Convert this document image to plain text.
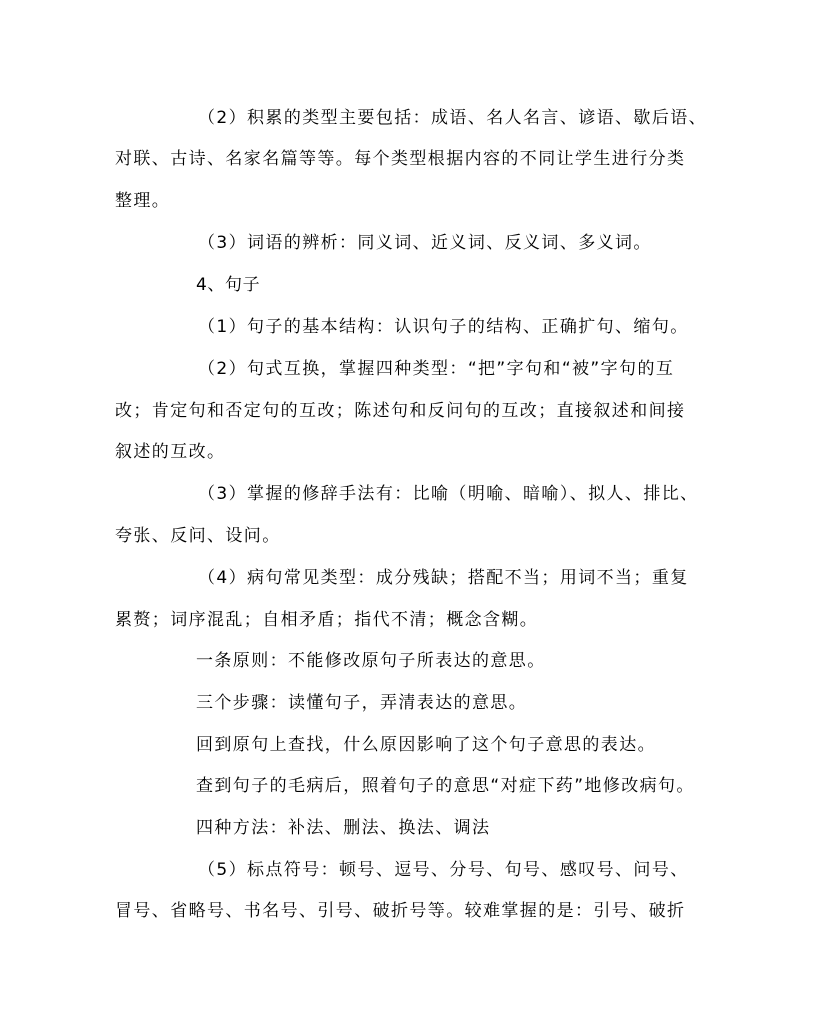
（2）积累的类型主要包括：成语、名人名言、谚语、歇后语、

对联、古诗、名家名篇等等。每个类型根据内容的不同让学生进行分类

整理。

（3）词语的辨析：同义词、近义词、反义词、多义词。

4、句子

（1）句子的基本结构：认识句子的结构、正确扩句、缩句。

（2）句式互换，掌握四种类型：“把”字句和“被”字句的互

改；肯定句和否定句的互改；陈述句和反问句的互改；直接叙述和间接

叙述的互改。

（3）掌握的修辞手法有：比喻（明喻、暗喻）、拟人、排比、

夸张、反问、设问。

（4）病句常见类型：成分残缺；搭配不当；用词不当；重复

累赘；词序混乱；自相矛盾；指代不清；概念含糊。

一条原则：不能修改原句子所表达的意思。

三个步骤：读懂句子，弄清表达的意思。

回到原句上查找，什么原因影响了这个句子意思的表达。

查到句子的毛病后，照着句子的意思“对症下药”地修改病句。

四种方法：补法、删法、换法、调法

（5）标点符号：顿号、逗号、分号、句号、感叹号、问号、

冒号、省略号、书名号、引号、破折号等。较难掌握的是：引号、破折
